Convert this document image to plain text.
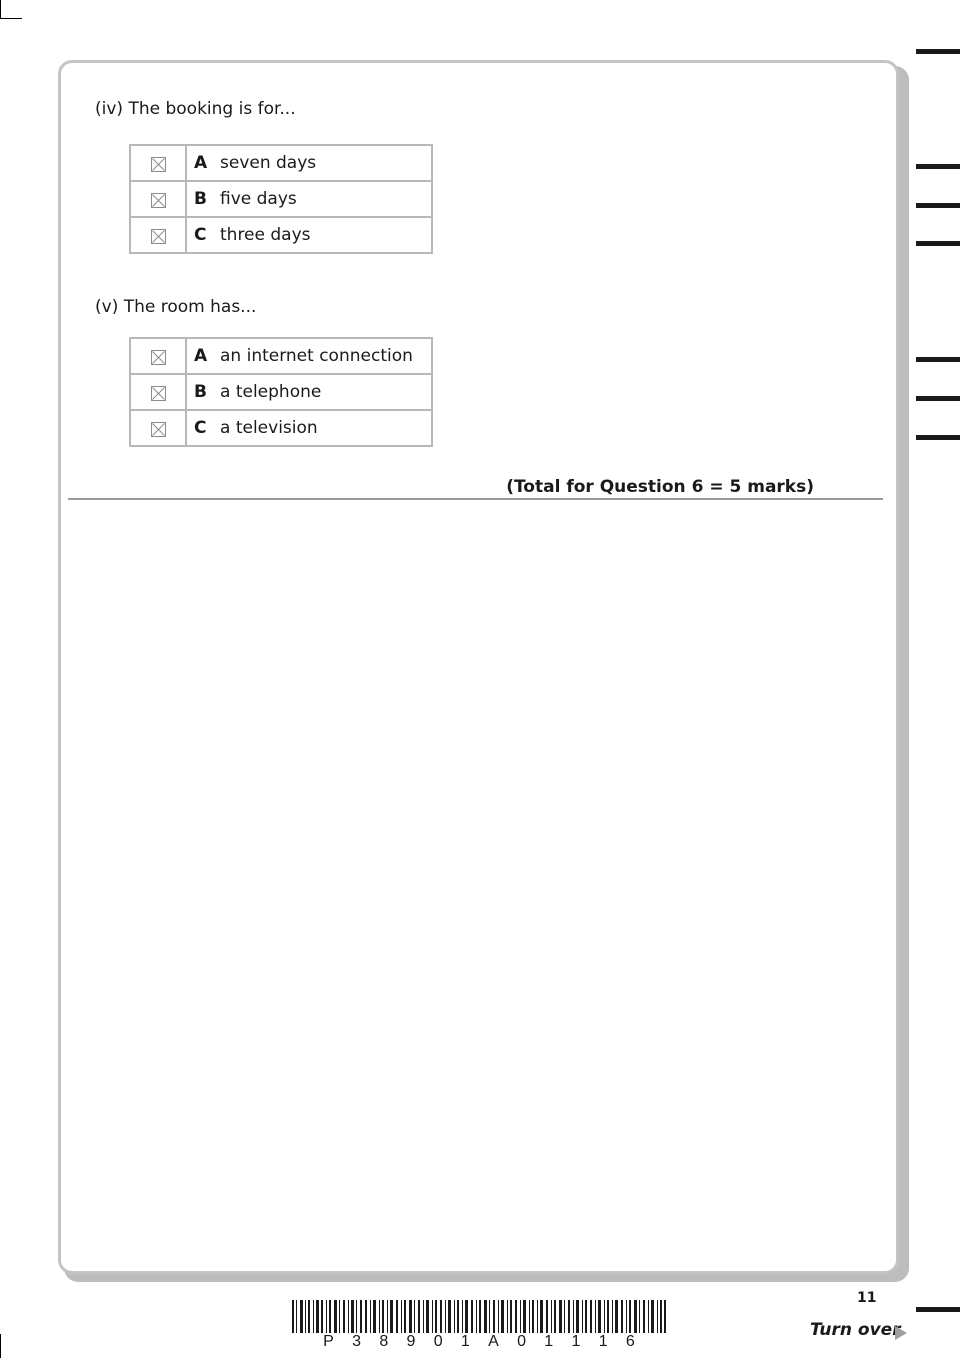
(iv) The booking is for...
	A seven days
	B five days
	C three days
(v) The room has...
	A an internet connection
	B a telephone
	C a television
(Total for Question 6 = 5 marks)
P 3 8 9 0 1 A 0 1 1 1 6
11
Turn over
